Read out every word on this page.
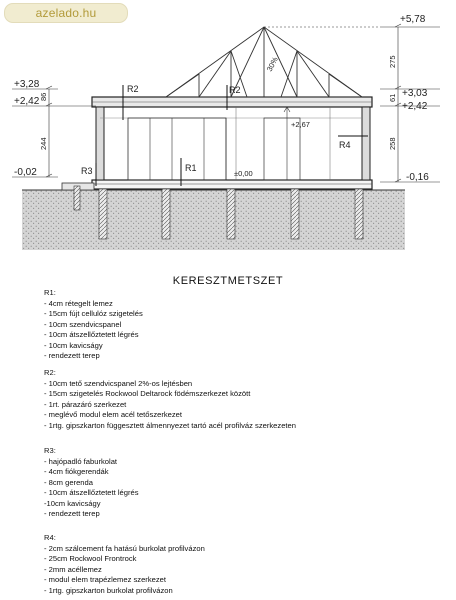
R2	R2
R1
R3
R4
+5,78
+3,28
+2,42
+3,03
+2,42
+2,67
±0,00
-0,02	-0,16
86
244
275
61
258
30%
azelado.hu
KERESZTMETSZET
R1:
- 4cm rétegelt lemez
- 15cm fújt cellulóz szigetelés
- 10cm szendvicspanel
- 10cm átszellőztetett légrés
- 10cm kavicságy
- rendezett terep
R2:
- 10cm tető szendvicspanel 2%-os lejtésben
- 15cm szigetelés Rockwool Deltarock födémszerkezet között
- 1rt. párazáró szerkezet
- meglévő modul elem acél tetőszerkezet
- 1rtg. gipszkarton függesztett álmennyezet tartó acél profilváz szerkezeten
R3:
- hajópadló faburkolat
- 4cm fiókgerendák
- 8cm gerenda
- 10cm átszellőztetett légrés
-10cm kavicságy
- rendezett terep
R4:
- 2cm szálcement fa hatású burkolat profilvázon
- 25cm Rockwool Frontrock
- 2mm acéllemez
- modul elem trapézlemez szerkezet
- 1rtg. gipszkarton burkolat profilvázon
